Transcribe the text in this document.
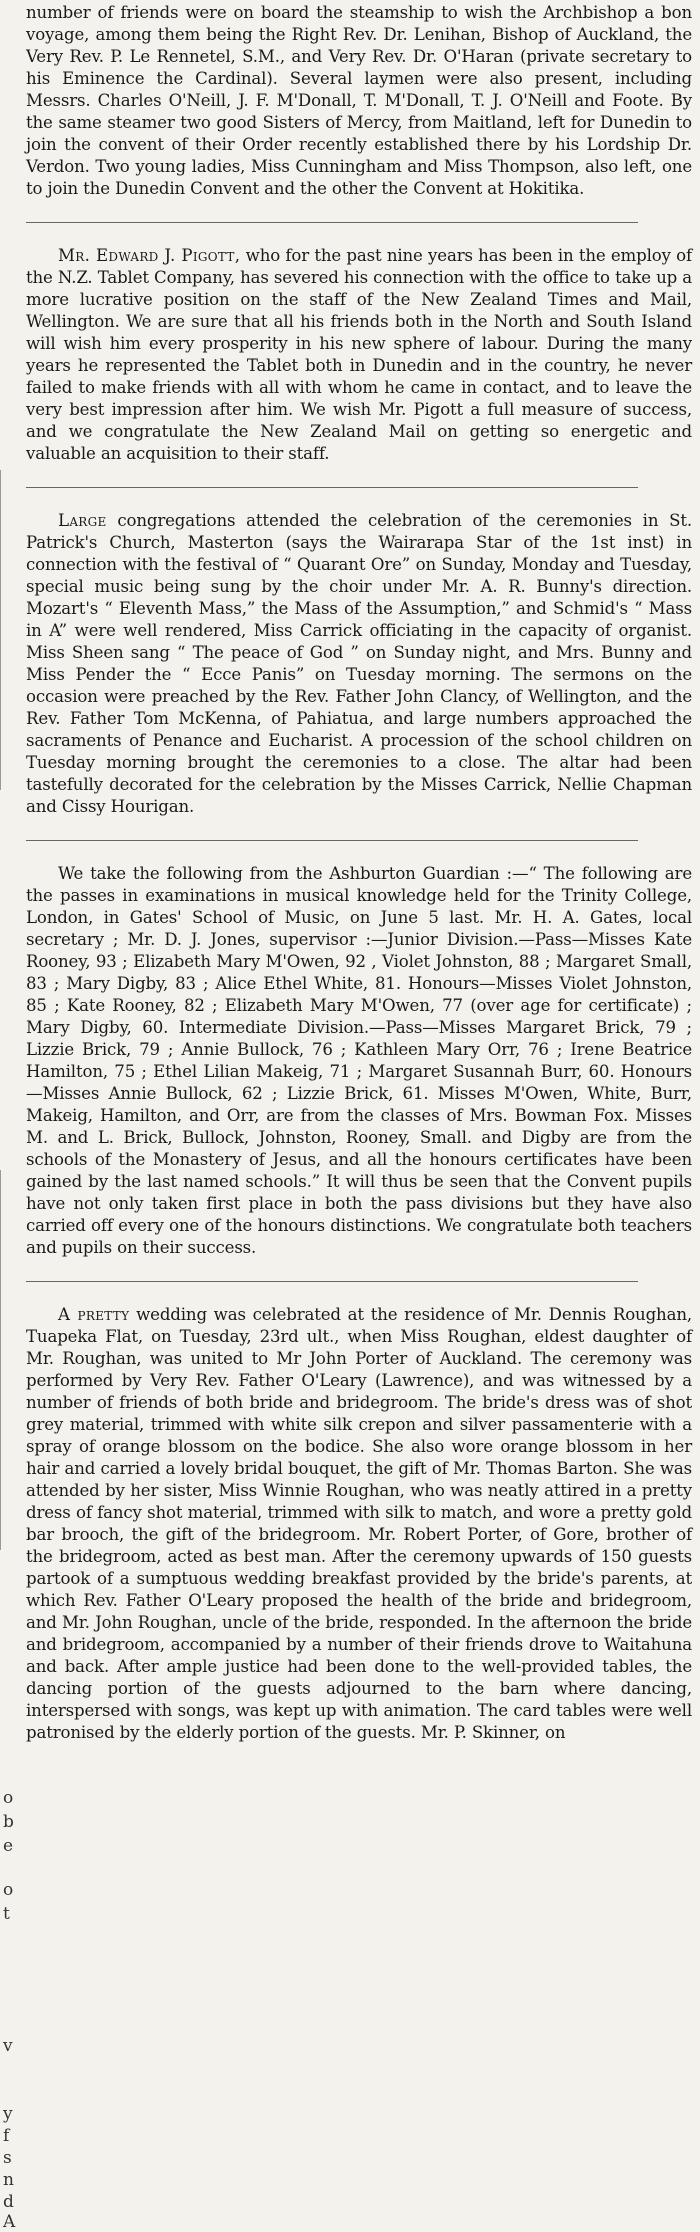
o
b
e
o
t
v
y
f
s
n
d
A

number of friends were on board the steamship to wish the Archbishop a bon voyage, among them being the Right Rev. Dr. Lenihan, Bishop of Auckland, the Very Rev. P. Le Rennetel, S.M., and Very Rev. Dr. O'Haran (private secretary to his Eminence the Cardinal). Several laymen were also present, including Messrs. Charles O'Neill, J. F. M'Donall, T. M'Donall, T. J. O'Neill and Foote. By the same steamer two good Sisters of Mercy, from Maitland, left for Dunedin to join the convent of their Order recently established there by his Lordship Dr. Verdon. Two young ladies, Miss Cunningham and Miss Thompson, also left, one to join the Dunedin Convent and the other the Convent at Hokitika.

Mr. Edward J. Pigott, who for the past nine years has been in the employ of the N.Z. Tablet Company, has severed his connection with the office to take up a more lucrative position on the staff of the New Zealand Times and Mail, Wellington. We are sure that all his friends both in the North and South Island will wish him every prosperity in his new sphere of labour. During the many years he represented the Tablet both in Dunedin and in the country, he never failed to make friends with all with whom he came in contact, and to leave the very best impression after him. We wish Mr. Pigott a full measure of success, and we congratulate the New Zealand Mail on getting so energetic and valuable an acquisition to their staff.

Large congregations attended the celebration of the ceremonies in St. Patrick's Church, Masterton (says the Wairarapa Star of the 1st inst) in connection with the festival of “ Quarant Ore” on Sunday, Monday and Tuesday, special music being sung by the choir under Mr. A. R. Bunny's direction. Mozart's “ Eleventh Mass,” the Mass of the Assumption,” and Schmid's “ Mass in A” were well rendered, Miss Carrick officiating in the capacity of organist. Miss Sheen sang “ The peace of God ” on Sunday night, and Mrs. Bunny and Miss Pender the “ Ecce Panis” on Tuesday morning. The sermons on the occasion were preached by the Rev. Father John Clancy, of Wellington, and the Rev. Father Tom McKenna, of Pahiatua, and large numbers approached the sacraments of Penance and Eucharist. A procession of the school children on Tuesday morning brought the ceremonies to a close. The altar had been tastefully decorated for the celebration by the Misses Carrick, Nellie Chapman and Cissy Hourigan.

We take the following from the Ashburton Guardian :—“ The following are the passes in examinations in musical knowledge held for the Trinity College, London, in Gates' School of Music, on June 5 last. Mr. H. A. Gates, local secretary ; Mr. D. J. Jones, supervisor :—Junior Division.—Pass—Misses Kate Rooney, 93 ; Elizabeth Mary M'Owen, 92 , Violet Johnston, 88 ; Margaret Small, 83 ; Mary Digby, 83 ; Alice Ethel White, 81. Honours—Misses Violet Johnston, 85 ; Kate Rooney, 82 ; Elizabeth Mary M'Owen, 77 (over age for certificate) ; Mary Digby, 60. Intermediate Division.—Pass—Misses Margaret Brick, 79 ; Lizzie Brick, 79 ; Annie Bullock, 76 ; Kathleen Mary Orr, 76 ; Irene Beatrice Hamilton, 75 ; Ethel Lilian Makeig, 71 ; Margaret Susannah Burr, 60. Honours—Misses Annie Bullock, 62 ; Lizzie Brick, 61. Misses M'Owen, White, Burr, Makeig, Hamilton, and Orr, are from the classes of Mrs. Bowman Fox. Misses M. and L. Brick, Bullock, Johnston, Rooney, Small. and Digby are from the schools of the Monastery of Jesus, and all the honours certificates have been gained by the last named schools.” It will thus be seen that the Convent pupils have not only taken first place in both the pass divisions but they have also carried off every one of the honours distinctions. We congratulate both teachers and pupils on their success.

A pretty wedding was celebrated at the residence of Mr. Dennis Roughan, Tuapeka Flat, on Tuesday, 23rd ult., when Miss Roughan, eldest daughter of Mr. Roughan, was united to Mr John Porter of Auckland. The ceremony was performed by Very Rev. Father O'Leary (Lawrence), and was witnessed by a number of friends of both bride and bridegroom. The bride's dress was of shot grey material, trimmed with white silk crepon and silver passamenterie with a spray of orange blossom on the bodice. She also wore orange blossom in her hair and carried a lovely bridal bouquet, the gift of Mr. Thomas Barton. She was attended by her sister, Miss Winnie Roughan, who was neatly attired in a pretty dress of fancy shot material, trimmed with silk to match, and wore a pretty gold bar brooch, the gift of the bridegroom. Mr. Robert Porter, of Gore, brother of the bridegroom, acted as best man. After the ceremony upwards of 150 guests partook of a sumptuous wedding breakfast provided by the bride's parents, at which Rev. Father O'Leary proposed the health of the bride and bridegroom, and Mr. John Roughan, uncle of the bride, responded. In the afternoon the bride and bridegroom, accompanied by a number of their friends drove to Waitahuna and back. After ample justice had been done to the well-provided tables, the dancing portion of the guests adjourned to the barn where dancing, interspersed with songs, was kept up with animation. The card tables were well patronised by the elderly portion of the guests. Mr. P. Skinner, on
